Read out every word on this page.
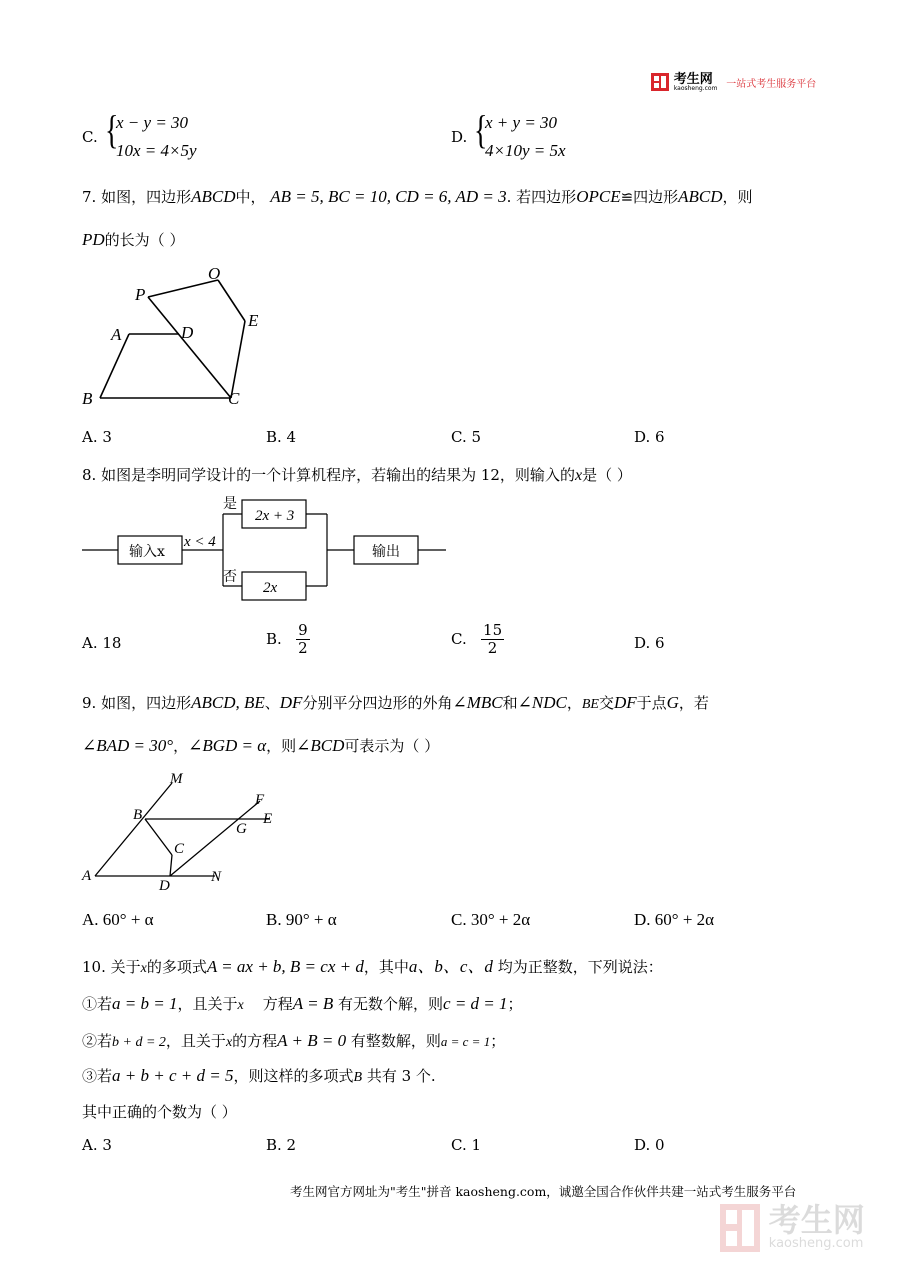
考生网
kaosheng.com 一站式考生服务平台
C. {
x − y = 30
10x = 4×5y
D. {
x + y = 30
4×10y = 5x
7. 如图，四边形ABCD中， AB = 5, BC = 10, CD = 6, AD = 3. 若四边形OPCE≌四边形ABCD，则
PD的长为（ ）
O
P
A	D
E
B	C
A. 3	B. 4	C. 5	D. 6
8. 如图是李明同学设计的一个计算机程序，若输出的结果为 12，则输入的x是（ ）
输入x
x < 4
是
否
2x + 3
2x
输出
A. 18	B. $\frac{9}{2}$	C. $\frac{15}{2}$	D. 6
9. 如图，四边形ABCD, BE、DF分别平分四边形的外角∠MBC和∠NDC，BE交DF于点G，若
∠BAD = 30°，∠BGD = α，则∠BCD可表示为（ ）
M
F
B	E
G
C
A
D
N
A. 60° + α	B. 90° + α	C. 30° + 2α	D. 60° + 2α
10. 关于x的多项式A = ax + b, B = cx + d，其中a、b、c、d 均为正整数，下列说法：
①若a = b = 1，且关于x 方程A = B 有无数个解，则c = d = 1；
②若b + d = 2，且关于x的方程A + B = 0 有整数解，则a = c = 1；
③若a + b + c + d = 5，则这样的多项式B 共有 3 个.
其中正确的个数为（ ）
A. 3	B. 2	C. 1	D. 0
考生网官方网址为"考生"拼音 kaosheng.com，诚邀全国合作伙伴共建一站式考生服务平台

考生网
kaosheng.com
